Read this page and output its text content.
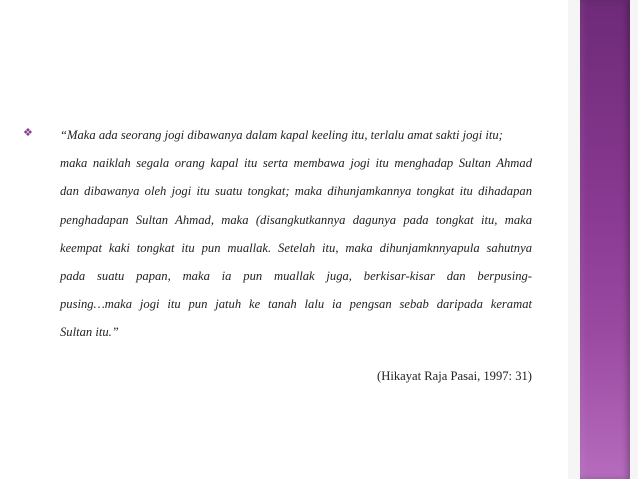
❖ “Maka ada seorang jogi dibawanya dalam kapal keeling itu, terlalu amat sakti jogi itu;
maka naiklah segala orang kapal itu serta membawa jogi itu menghadap Sultan Ahmad
dan dibawanya oleh jogi itu suatu tongkat; maka dihunjamkannya tongkat itu dihadapan
penghadapan Sultan Ahmad, maka (disangkutkannya dagunya pada tongkat itu, maka
keempat kaki tongkat itu pun muallak. Setelah itu, maka dihunjamknnyapula sahutnya
pada suatu papan, maka ia pun muallak juga, berkisar-kisar dan berpusing-
pusing…maka jogi itu pun jatuh ke tanah lalu ia pengsan sebab daripada keramat
Sultan itu.”

(Hikayat Raja Pasai, 1997: 31)
